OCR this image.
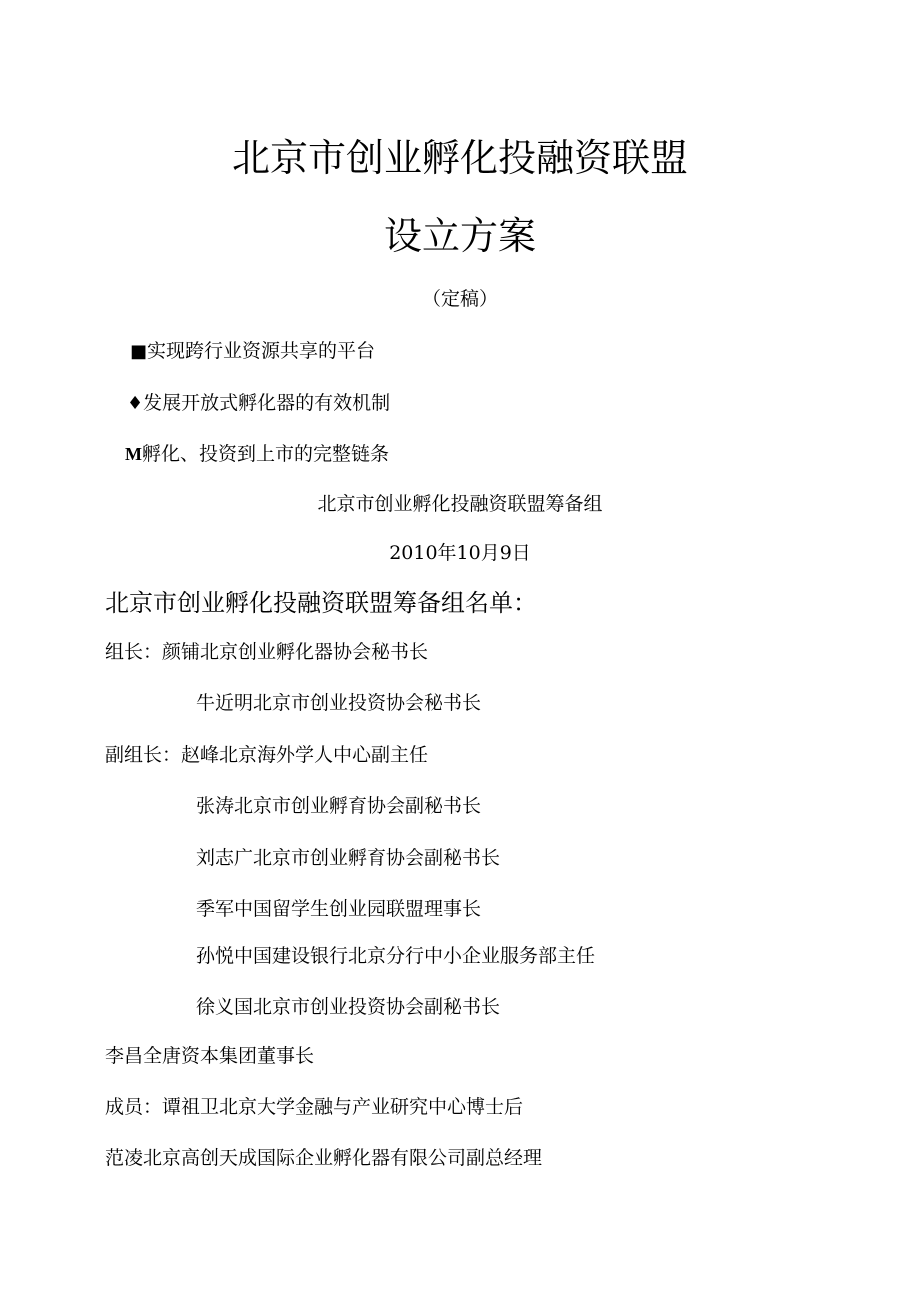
北京市创业孵化投融资联盟
设立方案
（定稿）
■实现跨行业资源共享的平台
♦发展开放式孵化器的有效机制
M孵化、投资到上市的完整链条
北京市创业孵化投融资联盟筹备组
2010年10月9日
北京市创业孵化投融资联盟筹备组名单：
组长：颜铺北京创业孵化器协会秘书长
牛近明北京市创业投资协会秘书长
副组长：赵峰北京海外学人中心副主任
张涛北京市创业孵育协会副秘书长
刘志广北京市创业孵育协会副秘书长
季军中国留学生创业园联盟理事长
孙悦中国建设银行北京分行中小企业服务部主任
徐义国北京市创业投资协会副秘书长
李昌全唐资本集团董事长
成员：谭祖卫北京大学金融与产业研究中心博士后
范凌北京高创天成国际企业孵化器有限公司副总经理
